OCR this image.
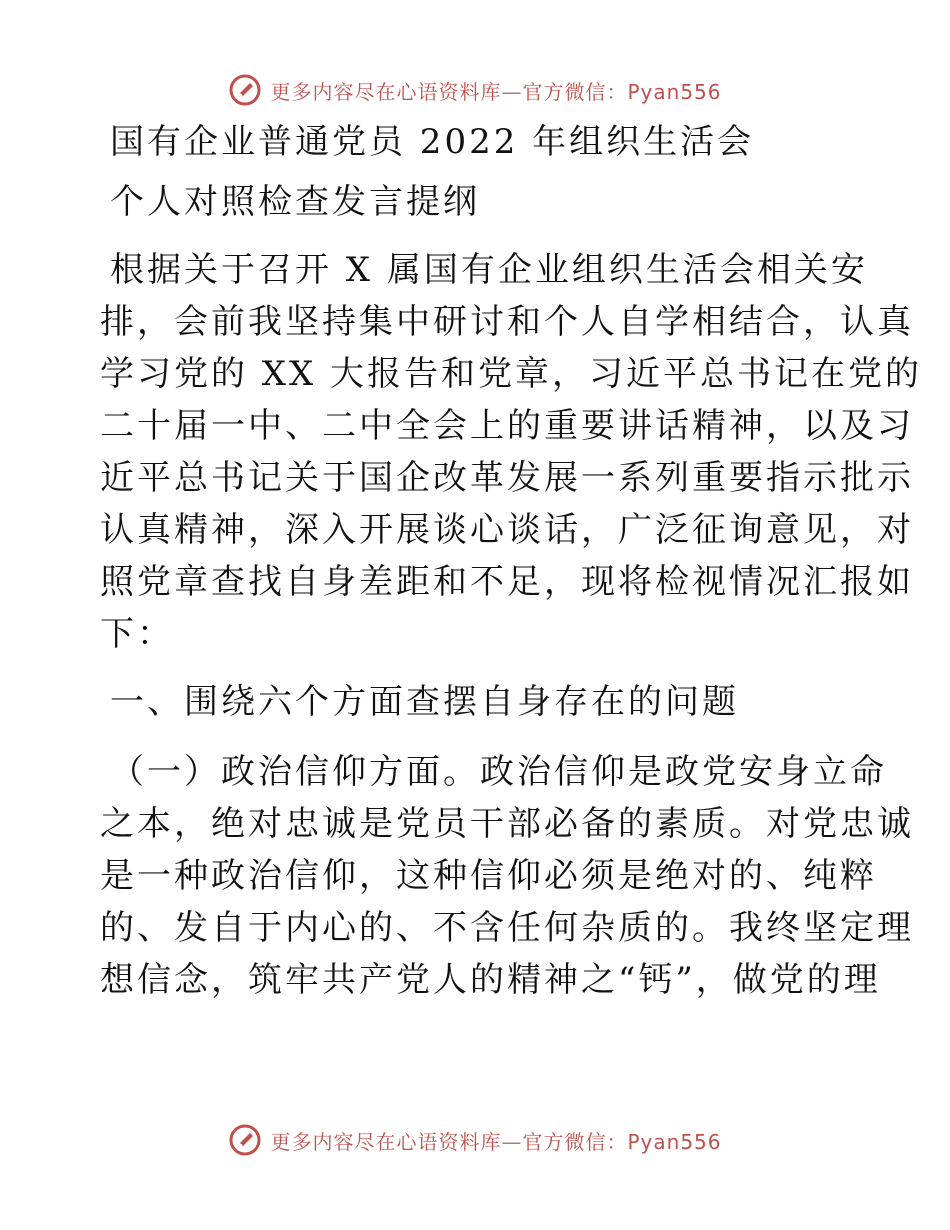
更多内容尽在心语资料库—官方微信：Pyan556

国有企业普通党员 2022 年组织生活会

个人对照检查发言提纲

根据关于召开 X 属国有企业组织生活会相关安

排，会前我坚持集中研讨和个人自学相结合，认真

学习党的 XX 大报告和党章，习近平总书记在党的

二十届一中、二中全会上的重要讲话精神，以及习

近平总书记关于国企改革发展一系列重要指示批示

认真精神，深入开展谈心谈话，广泛征询意见，对

照党章查找自身差距和不足，现将检视情况汇报如

下：

一、围绕六个方面查摆自身存在的问题

（一）政治信仰方面。政治信仰是政党安身立命

之本，绝对忠诚是党员干部必备的素质。对党忠诚

是一种政治信仰，这种信仰必须是绝对的、纯粹

的、发自于内心的、不含任何杂质的。我终坚定理

想信念，筑牢共产党人的精神之“钙”，做党的理

更多内容尽在心语资料库—官方微信：Pyan556
